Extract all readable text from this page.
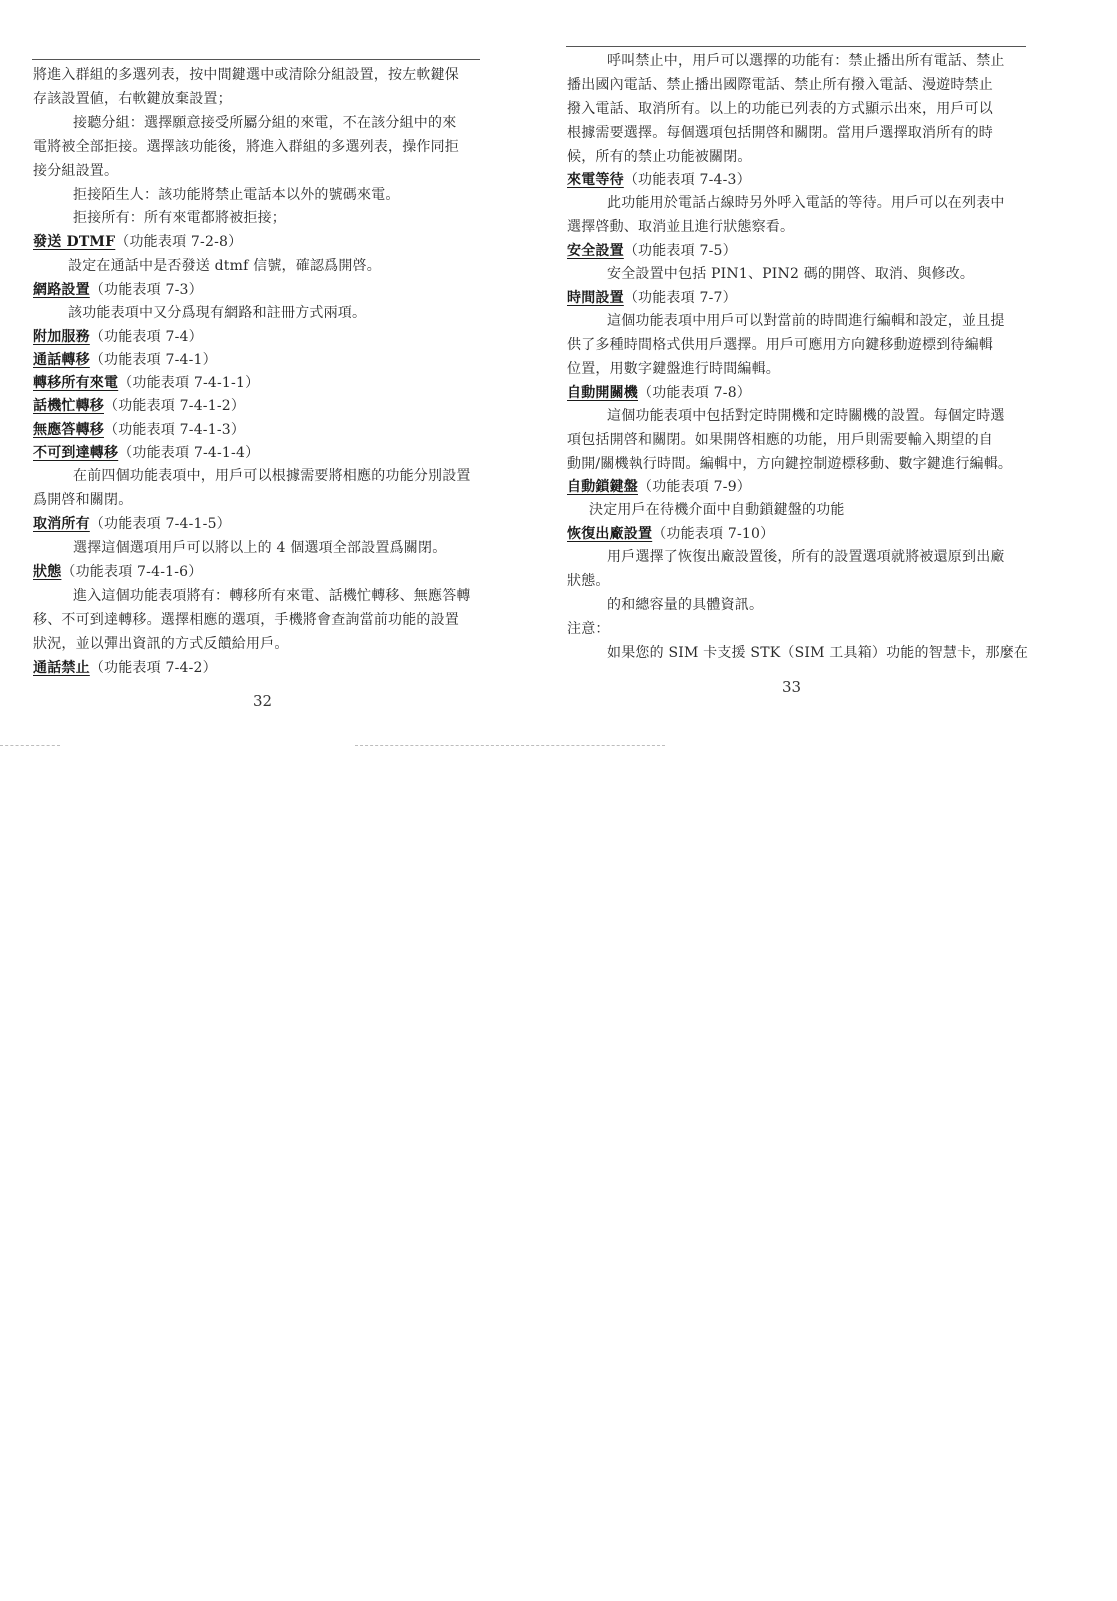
將進入群組的多選列表，按中間鍵選中或清除分組設置，按左軟鍵保
存該設置値，右軟鍵放棄設置；
接聽分組：選擇願意接受所屬分組的來電，不在該分組中的來
電將被全部拒接。選擇該功能後，將進入群組的多選列表，操作同拒
接分組設置。
拒接陌生人：該功能將禁止電話本以外的號碼來電。
拒接所有：所有來電都將被拒接；
發送 DTMF（功能表項 7-2-8）
設定在通話中是否發送 dtmf 信號，確認爲開啓。
網路設置（功能表項 7-3）
該功能表項中又分爲現有網路和註冊方式兩項。
附加服務（功能表項 7-4）
通話轉移（功能表項 7-4-1）
轉移所有來電（功能表項 7-4-1-1）
話機忙轉移（功能表項 7-4-1-2）
無應答轉移（功能表項 7-4-1-3）
不可到達轉移（功能表項 7-4-1-4）
在前四個功能表項中，用戶可以根據需要將相應的功能分別設置
爲開啓和關閉。
取消所有（功能表項 7-4-1-5）
選擇這個選項用戶可以將以上的 4 個選項全部設置爲關閉。
狀態（功能表項 7-4-1-6）
進入這個功能表項將有：轉移所有來電、話機忙轉移、無應答轉
移、不可到達轉移。選擇相應的選項，手機將會查詢當前功能的設置
狀況，並以彈出資訊的方式反饋給用戶。
通話禁止（功能表項 7-4-2）
32
呼叫禁止中，用戶可以選擇的功能有：禁止播出所有電話、禁止
播出國內電話、禁止播出國際電話、禁止所有撥入電話、漫遊時禁止
撥入電話、取消所有。以上的功能已列表的方式顯示出來，用戶可以
根據需要選擇。每個選項包括開啓和關閉。當用戶選擇取消所有的時
候，所有的禁止功能被關閉。
來電等待（功能表項 7-4-3）
此功能用於電話占線時另外呼入電話的等待。用戶可以在列表中
選擇啓動、取消並且進行狀態察看。
安全設置（功能表項 7-5）
安全設置中包括 PIN1、PIN2 碼的開啓、取消、與修改。
時間設置（功能表項 7-7）
這個功能表項中用戶可以對當前的時間進行編輯和設定，並且提
供了多種時間格式供用戶選擇。用戶可應用方向鍵移動遊標到待編輯
位置，用數字鍵盤進行時間編輯。
自動開關機（功能表項 7-8）
這個功能表項中包括對定時開機和定時關機的設置。每個定時選
項包括開啓和關閉。如果開啓相應的功能，用戶則需要輸入期望的自
動開/關機執行時間。編輯中，方向鍵控制遊標移動、數字鍵進行編輯。
自動鎖鍵盤（功能表項 7-9）
決定用戶在待機介面中自動鎖鍵盤的功能
恢復出廠設置（功能表項 7-10）
用戶選擇了恢復出廠設置後，所有的設置選項就將被還原到出廠
狀態。
的和總容量的具體資訊。
注意：
如果您的 SIM 卡支援 STK（SIM 工具箱）功能的智慧卡，那麼在
33
